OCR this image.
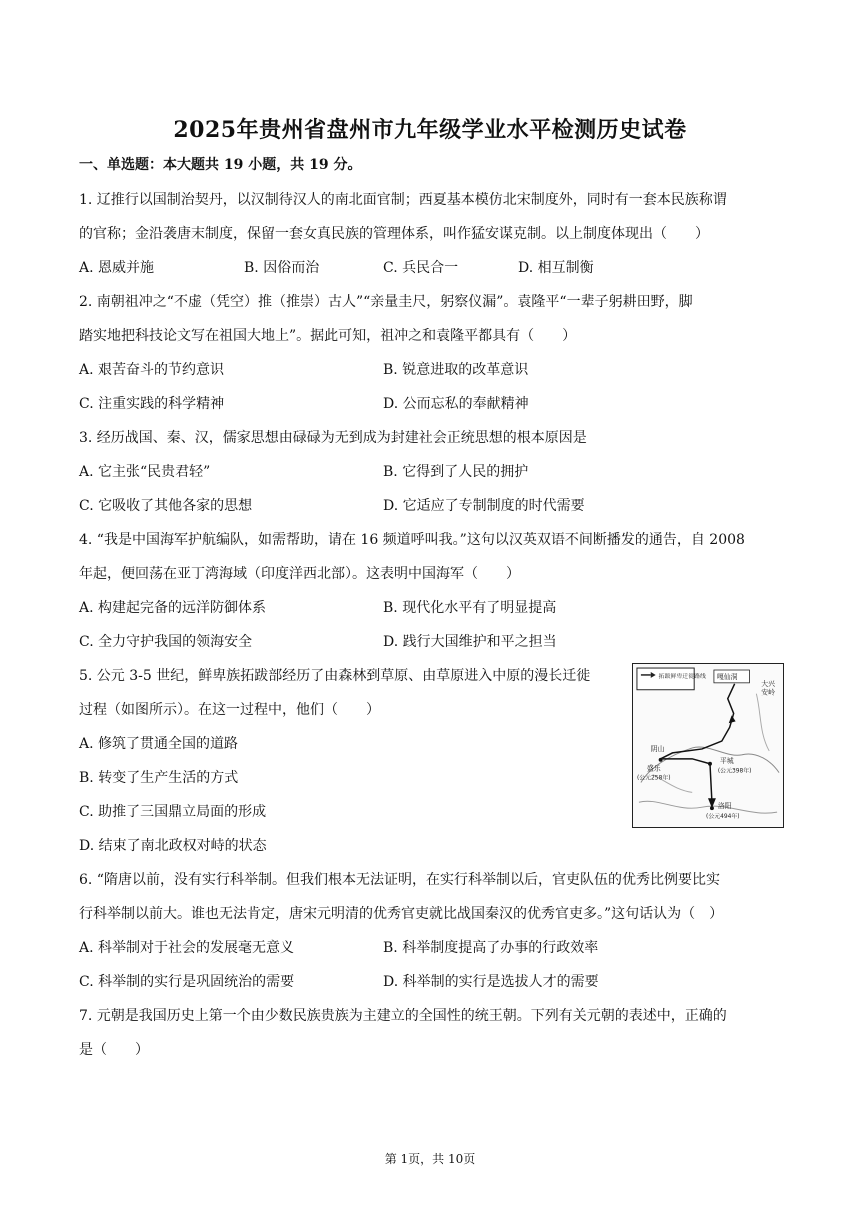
2025年贵州省盘州市九年级学业水平检测历史试卷
一、单选题：本大题共 19 小题，共 19 分。
1. 辽推行以国制治契丹，以汉制待汉人的南北面官制；西夏基本模仿北宋制度外，同时有一套本民族称谓
的官称；金沿袭唐末制度，保留一套女真民族的管理体系，叫作猛安谋克制。以上制度体现出（　　）
A. 恩威并施	B. 因俗而治	C. 兵民合一	D. 相互制衡
2. 南朝祖冲之“不虚（凭空）推（推崇）古人”“亲量圭尺，躬察仪漏”。袁隆平“一辈子躬耕田野，脚
踏实地把科技论文写在祖国大地上”。据此可知，祖冲之和袁隆平都具有（　　）
A. 艰苦奋斗的节约意识	B. 锐意进取的改革意识
C. 注重实践的科学精神	D. 公而忘私的奉献精神
3. 经历战国、秦、汉，儒家思想由碌碌为无到成为封建社会正统思想的根本原因是
A. 它主张“民贵君轻”	B. 它得到了人民的拥护
C. 它吸收了其他各家的思想	D. 它适应了专制制度的时代需要
4. “我是中国海军护航编队，如需帮助，请在 16 频道呼叫我。”这句以汉英双语不间断播发的通告，自 2008
年起，便回荡在亚丁湾海域（印度洋西北部）。这表明中国海军（　　）
A. 构建起完备的远洋防御体系	B. 现代化水平有了明显提高
C. 全力守护我国的领海安全	D. 践行大国维护和平之担当
5. 公元 3-5 世纪，鲜卑族拓跋部经历了由森林到草原、由草原进入中原的漫长迁徙
过程（如图所示）。在这一过程中，他们（　　）
A. 修筑了贯通全国的道路
B. 转变了生产生活的方式
C. 助推了三国鼎立局面的形成
D. 结束了南北政权对峙的状态
拓跋鲜卑迁徙路线 嘎仙洞
大兴
安岭
阴山
盛乐
(公元258年)
平城
(公元398年)
洛阳
(公元494年)
6. “隋唐以前，没有实行科举制。但我们根本无法证明，在实行科举制以后，官吏队伍的优秀比例要比实
行科举制以前大。谁也无法肯定，唐宋元明清的优秀官吏就比战国秦汉的优秀官吏多。”这句话认为（　）
A. 科举制对于社会的发展毫无意义	B. 科举制度提高了办事的行政效率
C. 科举制的实行是巩固统治的需要	D. 科举制的实行是选拔人才的需要
7. 元朝是我国历史上第一个由少数民族贵族为主建立的全国性的统王朝。下列有关元朝的表述中，正确的
是（　　）
第 1页，共 10页
